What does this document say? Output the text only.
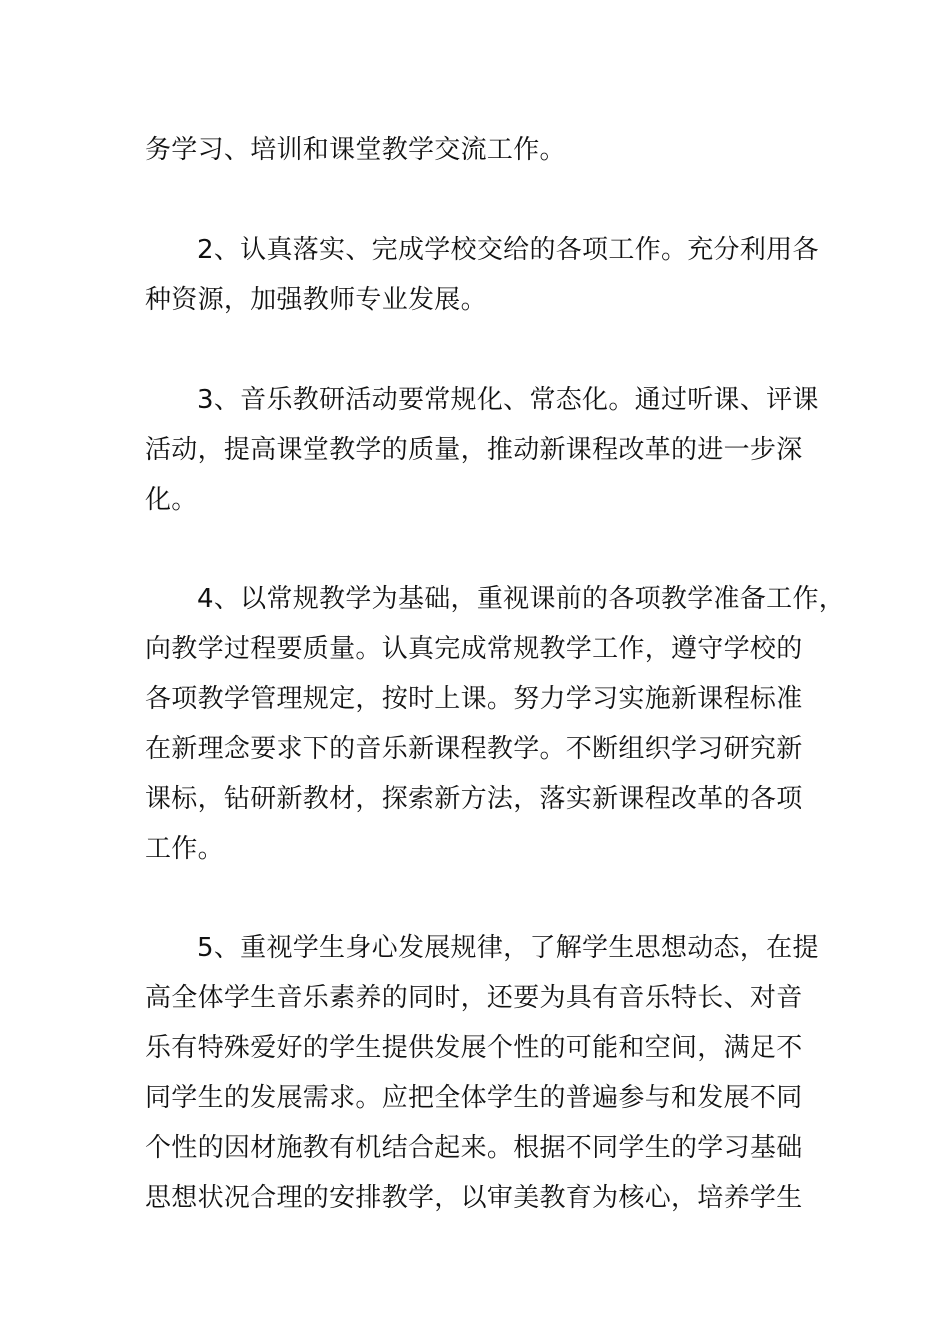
务学习、培训和课堂教学交流工作。
2、认真落实、完成学校交给的各项工作。充分利用各
种资源，加强教师专业发展。
3、音乐教研活动要常规化、常态化。通过听课、评课
活动，提高课堂教学的质量，推动新课程改革的进一步深
化。
4、以常规教学为基础，重视课前的各项教学准备工作，
向教学过程要质量。认真完成常规教学工作，遵守学校的
各项教学管理规定，按时上课。努力学习实施新课程标准
在新理念要求下的音乐新课程教学。不断组织学习研究新
课标，钻研新教材，探索新方法，落实新课程改革的各项
工作。
5、重视学生身心发展规律，了解学生思想动态，在提
高全体学生音乐素养的同时，还要为具有音乐特长、对音
乐有特殊爱好的学生提供发展个性的可能和空间，满足不
同学生的发展需求。应把全体学生的普遍参与和发展不同
个性的因材施教有机结合起来。根据不同学生的学习基础
思想状况合理的安排教学，以审美教育为核心，培养学生
